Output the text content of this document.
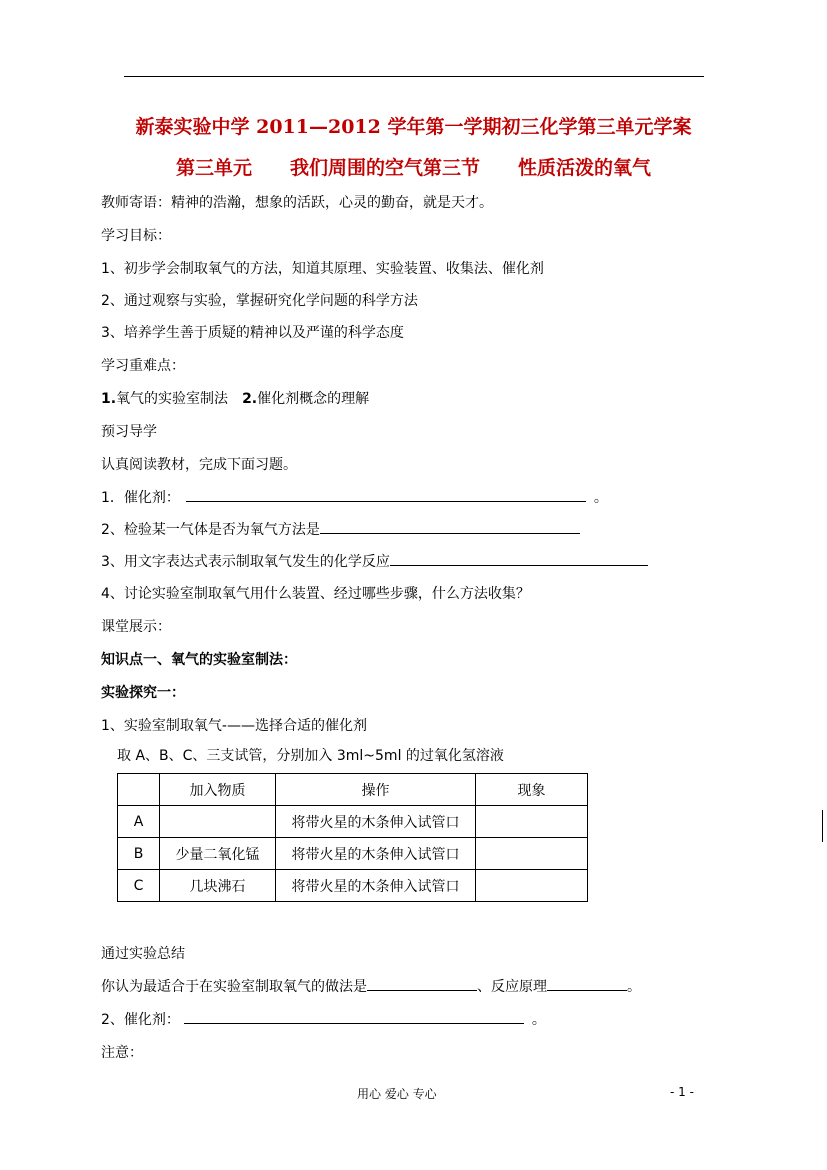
新泰实验中学 2011—2012 学年第一学期初三化学第三单元学案
第三单元　　我们周围的空气第三节　　性质活泼的氧气
教师寄语：精神的浩瀚，想象的活跃，心灵的勤奋，就是天才。
学习目标：
1、初步学会制取氧气的方法，知道其原理、实验装置、收集法、催化剂
2、通过观察与实验，掌握研究化学问题的科学方法
3、培养学生善于质疑的精神以及严谨的科学态度
学习重难点：
1.氧气的实验室制法　2.催化剂概念的理解
预习导学
认真阅读教材，完成下面习题。
1．催化剂：	。
2、检验某一气体是否为氧气方法是
3、用文字表达式表示制取氧气发生的化学反应
4、讨论实验室制取氧气用什么装置、经过哪些步骤，什么方法收集？
课堂展示：
知识点一、氧气的实验室制法：
实验探究一：
1、实验室制取氧气-——选择合适的催化剂
取 A、B、C、三支试管，分别加入 3ml~5ml 的过氧化氢溶液
	加入物质	操作	现象
A		将带火星的木条伸入试管口	
B	少量二氧化锰	将带火星的木条伸入试管口	
C	几块沸石	将带火星的木条伸入试管口	
通过实验总结
你认为最适合于在实验室制取氧气的做法是	、反应原理	。
2、催化剂：	。
注意：
用心 爱心 专心	- 1 -
